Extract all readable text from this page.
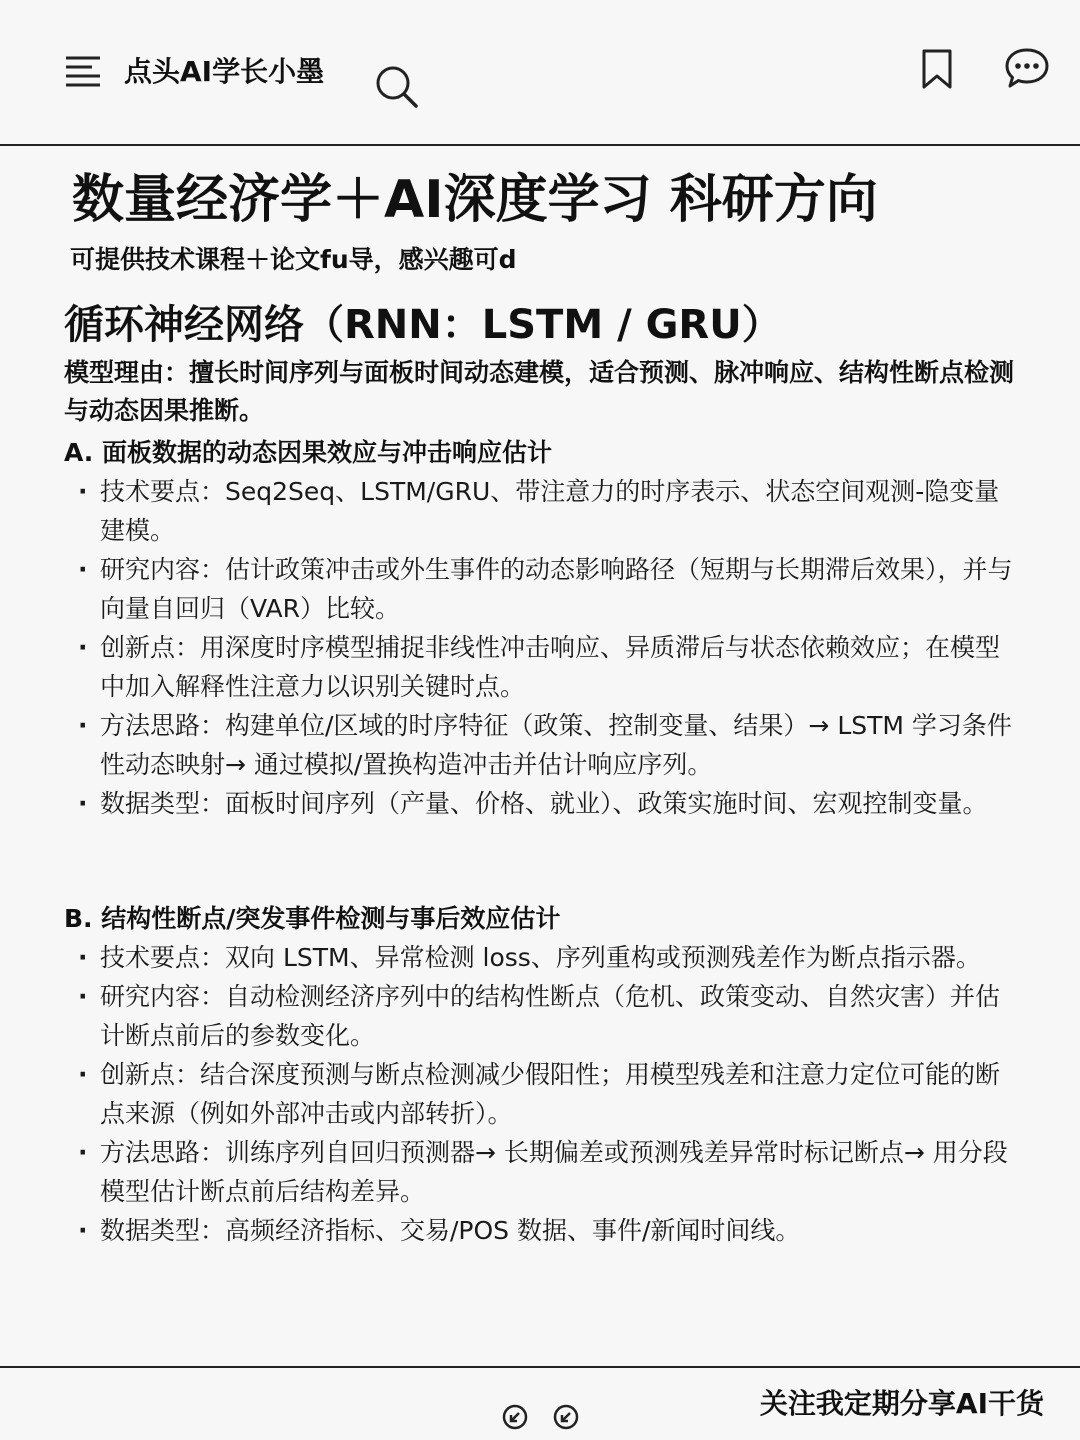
点头AI学长小墨
数量经济学＋AI深度学习 科研方向
可提供技术课程＋论文fu导，感兴趣可d
循环神经网络（RNN：LSTM / GRU）
模型理由：擅长时间序列与面板时间动态建模，适合预测、脉冲响应、结构性断点检测与动态因果推断。
A. 面板数据的动态因果效应与冲击响应估计
· 技术要点：Seq2Seq、LSTM/GRU、带注意力的时序表示、状态空间观测-隐变量建模。
· 研究内容：估计政策冲击或外生事件的动态影响路径（短期与长期滞后效果），并与向量自回归（VAR）比较。
· 创新点：用深度时序模型捕捉非线性冲击响应、异质滞后与状态依赖效应；在模型中加入解释性注意力以识别关键时点。
· 方法思路：构建单位/区域的时序特征（政策、控制变量、结果）→ LSTM 学习条件性动态映射→ 通过模拟/置换构造冲击并估计响应序列。
· 数据类型：面板时间序列（产量、价格、就业）、政策实施时间、宏观控制变量。
B. 结构性断点/突发事件检测与事后效应估计
· 技术要点：双向 LSTM、异常检测 loss、序列重构或预测残差作为断点指示器。
· 研究内容：自动检测经济序列中的结构性断点（危机、政策变动、自然灾害）并估计断点前后的参数变化。
· 创新点：结合深度预测与断点检测减少假阳性；用模型残差和注意力定位可能的断点来源（例如外部冲击或内部转折）。
· 方法思路：训练序列自回归预测器→ 长期偏差或预测残差异常时标记断点→ 用分段模型估计断点前后结构差异。
· 数据类型：高频经济指标、交易/POS 数据、事件/新闻时间线。
关注我定期分享AI干货
